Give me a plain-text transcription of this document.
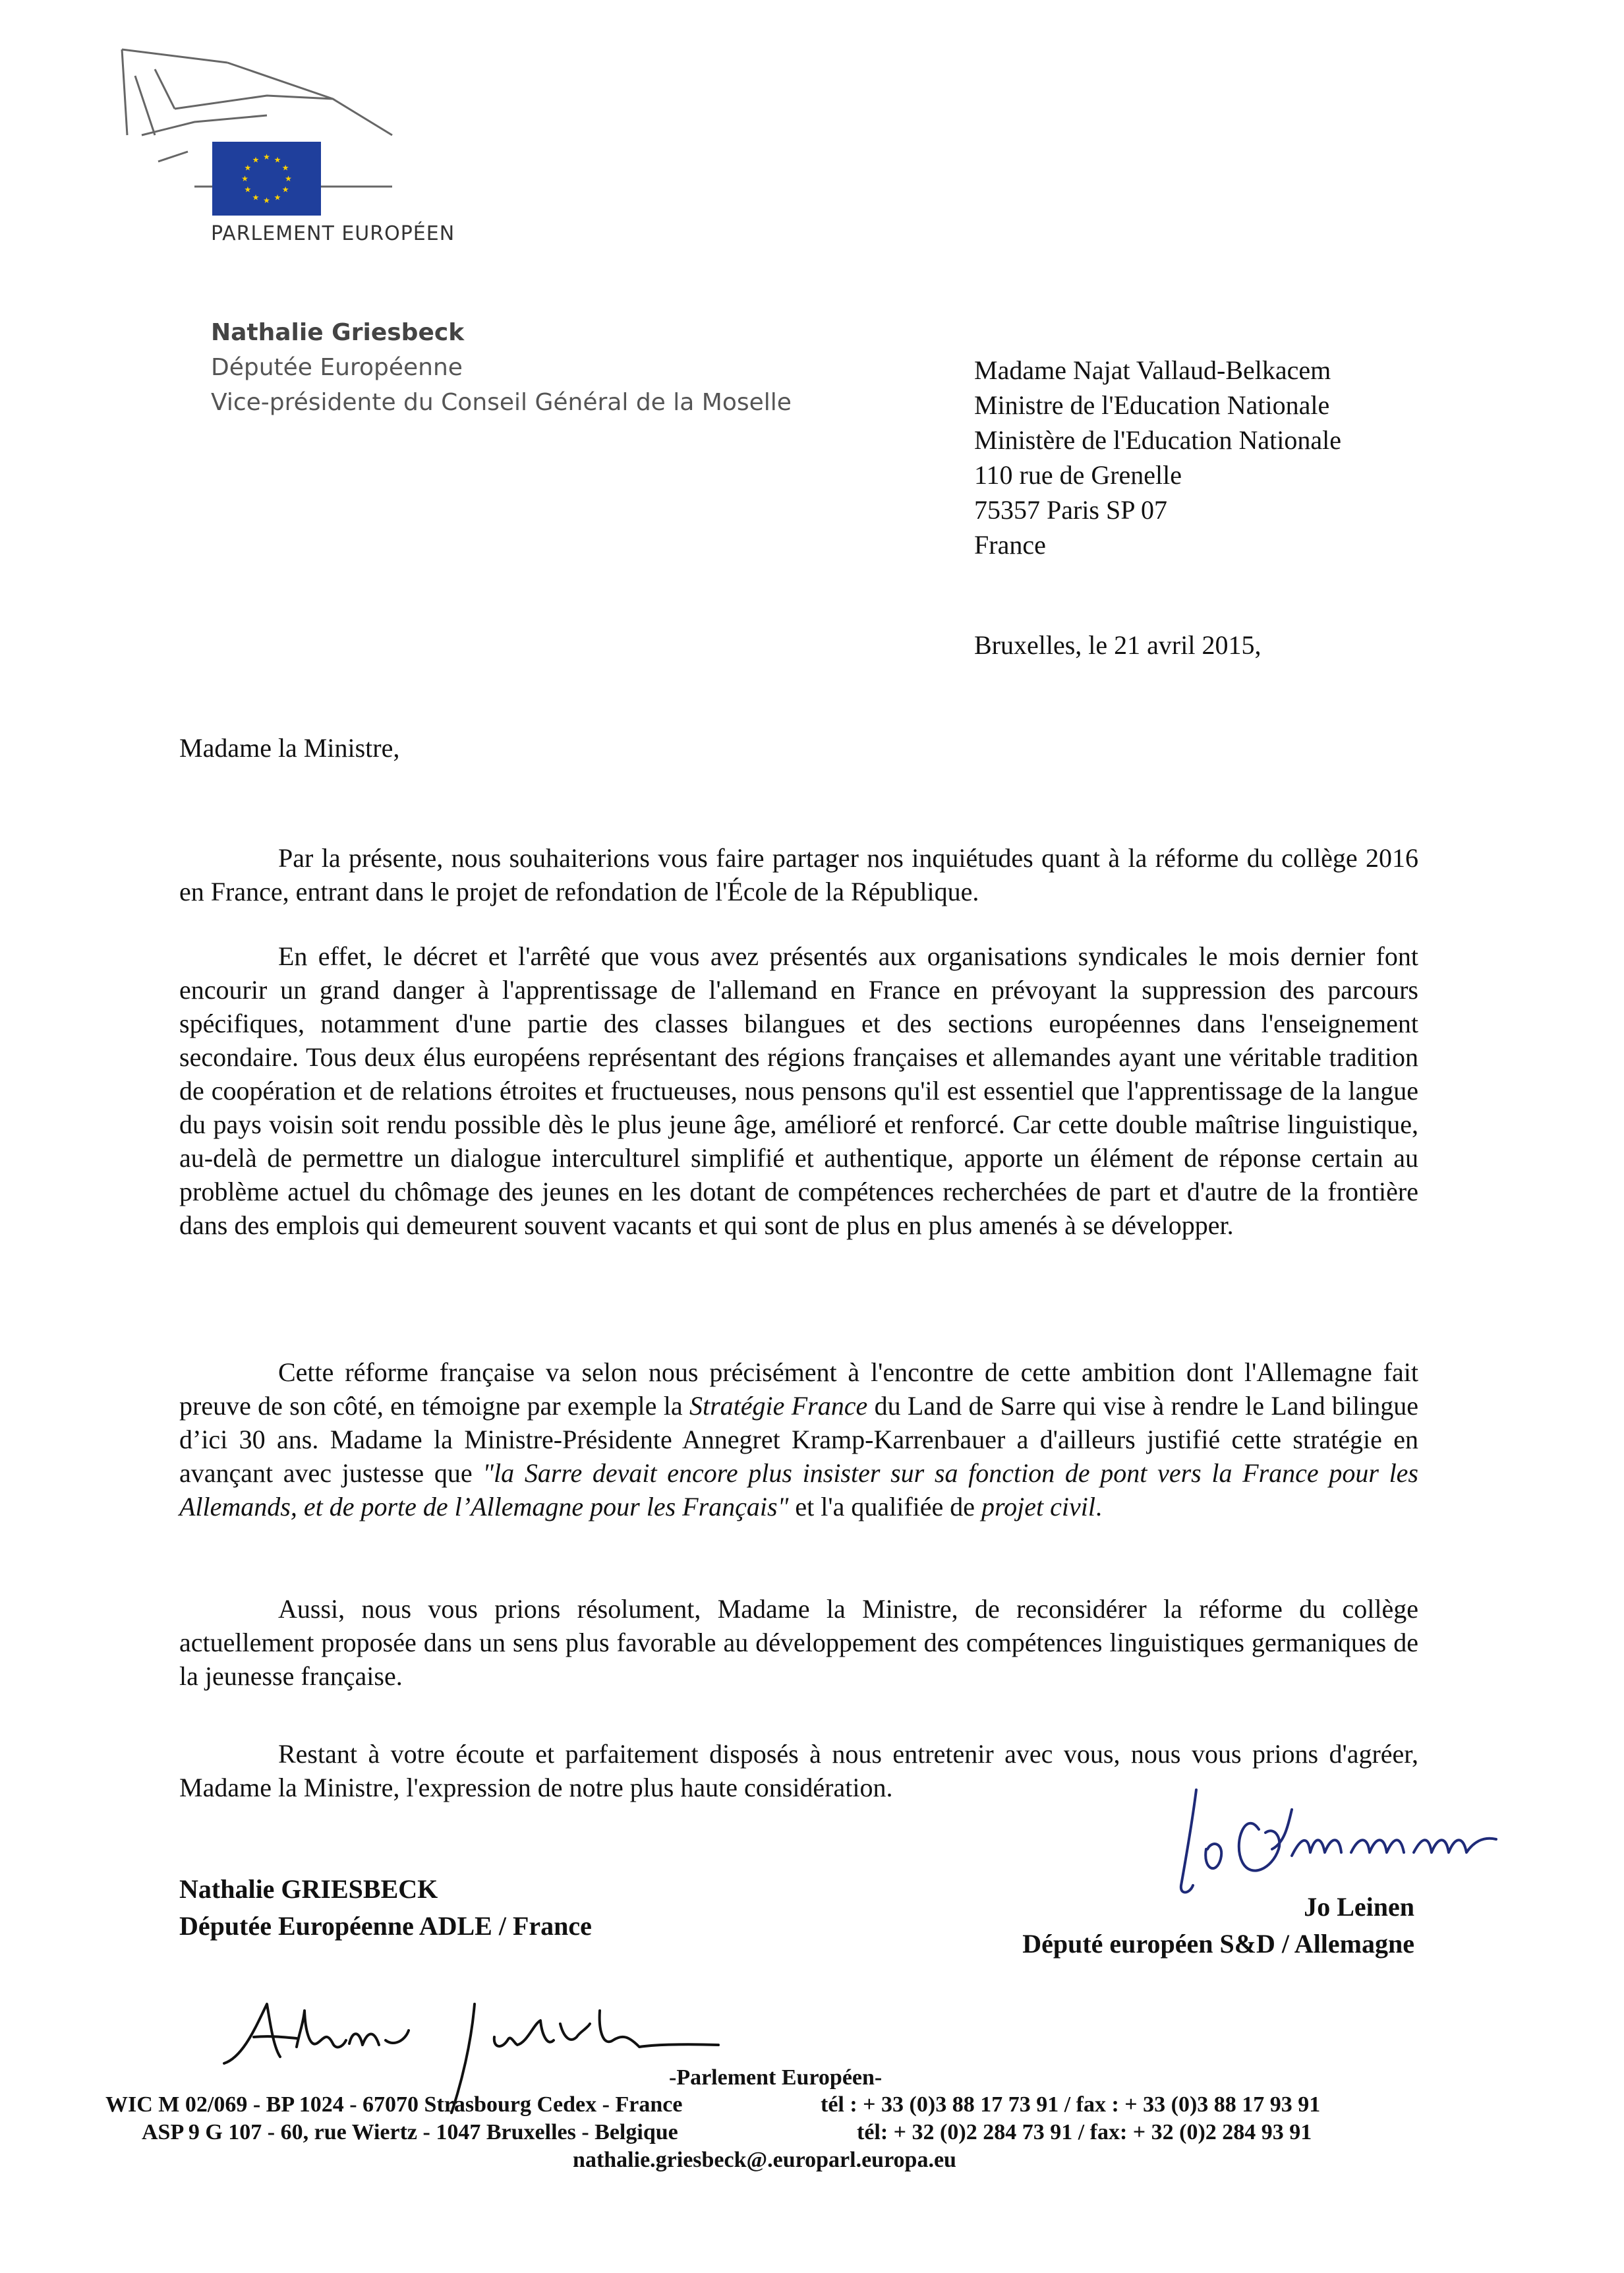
★ ★
★
★
★
★
★
★
★
★
★
★
PARLEMENT EUROPÉEN
Nathalie Griesbeck
Députée Européenne
Vice-présidente du Conseil Général de la Moselle
Madame Najat Vallaud-Belkacem
Ministre de l'Education Nationale
Ministère de l'Education Nationale
110 rue de Grenelle
75357 Paris SP 07
France
Bruxelles, le 21 avril 2015,
Madame la Ministre,

Par la présente, nous souhaiterions vous faire partager nos inquiétudes quant à la réforme du collège 2016 en France, entrant dans le projet de refondation de l'École de la République.

En effet, le décret et l'arrêté que vous avez présentés aux organisations syndicales le mois dernier font encourir un grand danger à l'apprentissage de l'allemand en France en prévoyant la suppression des parcours spécifiques, notamment d'une partie des classes bilangues et des sections européennes dans l'enseignement secondaire. Tous deux élus européens représentant des régions françaises et allemandes ayant une véritable tradition de coopération et de relations étroites et fructueuses, nous pensons qu'il est essentiel que l'apprentissage de la langue du pays voisin soit rendu possible dès le plus jeune âge, amélioré et renforcé. Car cette double maîtrise linguistique, au-delà de permettre un dialogue interculturel simplifié et authentique, apporte un élément de réponse certain au problème actuel du chômage des jeunes en les dotant de compétences recherchées de part et d'autre de la frontière dans des emplois qui demeurent souvent vacants et qui sont de plus en plus amenés à se développer.

Cette réforme française va selon nous précisément à l'encontre de cette ambition dont l'Allemagne fait preuve de son côté, en témoigne par exemple la Stratégie France du Land de Sarre qui vise à rendre le Land bilingue d’ici 30 ans. Madame la Ministre-Présidente Annegret Kramp-Karrenbauer a d'ailleurs justifié cette stratégie en avançant avec justesse que "la Sarre devait encore plus insister sur sa fonction de pont vers la France pour les Allemands, et de porte de l’Allemagne pour les Français" et l'a qualifiée de projet civil.

Aussi, nous vous prions résolument, Madame la Ministre, de reconsidérer la réforme du collège actuellement proposée dans un sens plus favorable au développement des compétences linguistiques germaniques de la jeunesse française.

Restant à votre écoute et parfaitement disposés à nous entretenir avec vous, nous vous prions d'agréer, Madame la Ministre, l'expression de notre plus haute considération.

Nathalie GRIESBECK
Députée Européenne ADLE / France
Jo Leinen
Député européen S&D / Allemagne
-Parlement Européen-
WIC M 02/069 - BP 1024 - 67070 Strasbourg Cedex - France	tél : + 33 (0)3 88 17 73 91 / fax : + 33 (0)3 88 17 93 91
ASP 9 G 107 - 60, rue Wiertz - 1047 Bruxelles - Belgique	tél: + 32 (0)2 284 73 91 / fax: + 32 (0)2 284 93 91
nathalie.griesbeck@.europarl.europa.eu
